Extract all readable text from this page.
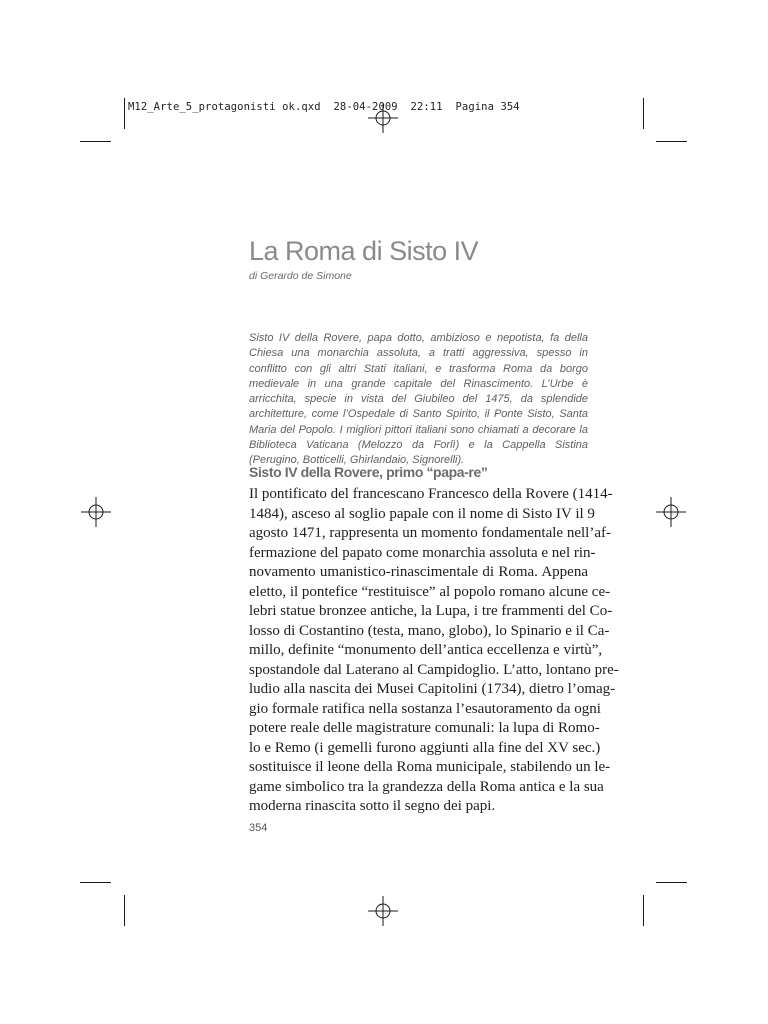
M12_Arte_5_protagonisti ok.qxd  28-04-2009  22:11  Pagina 354
La Roma di Sisto IV
di Gerardo de Simone

Sisto IV della Rovere, papa dotto, ambizioso e nepotista, fa della Chiesa una monarchia assoluta, a tratti aggressiva, spesso in conflitto con gli altri Stati italiani, e trasforma Roma da borgo medievale in una grande capitale del Rinascimento. L’Urbe è arricchita, specie in vista del Giubileo del 1475, da splendide architetture, come l’Ospedale di Santo Spirito, il Ponte Sisto, Santa Maria del Popolo. I migliori pittori italiani sono chiamati a decorare la Biblioteca Vaticana (Melozzo da Forlì) e la Cappella Sistina (Perugino, Botticelli, Ghirlandaio, Signorelli).

Sisto IV della Rovere, primo “papa-re”
Il pontificato del francescano Francesco della Rovere (1414-
1484), asceso al soglio papale con il nome di Sisto IV il 9
agosto 1471, rappresenta un momento fondamentale nell’af-
fermazione del papato come monarchia assoluta e nel rin-
novamento umanistico-rinascimentale di Roma. Appena
eletto, il pontefice “restituisce” al popolo romano alcune ce-
lebri statue bronzee antiche, la Lupa, i tre frammenti del Co-
losso di Costantino (testa, mano, globo), lo Spinario e il Ca-
millo, definite “monumento dell’antica eccellenza e virtù”,
spostandole dal Laterano al Campidoglio. L’atto, lontano pre-
ludio alla nascita dei Musei Capitolini (1734), dietro l’omag-
gio formale ratifica nella sostanza l’esautoramento da ogni
potere reale delle magistrature comunali: la lupa di Romo-
lo e Remo (i gemelli furono aggiunti alla fine del XV sec.)
sostituisce il leone della Roma municipale, stabilendo un le-
game simbolico tra la grandezza della Roma antica e la sua
moderna rinascita sotto il segno dei papi.
354
